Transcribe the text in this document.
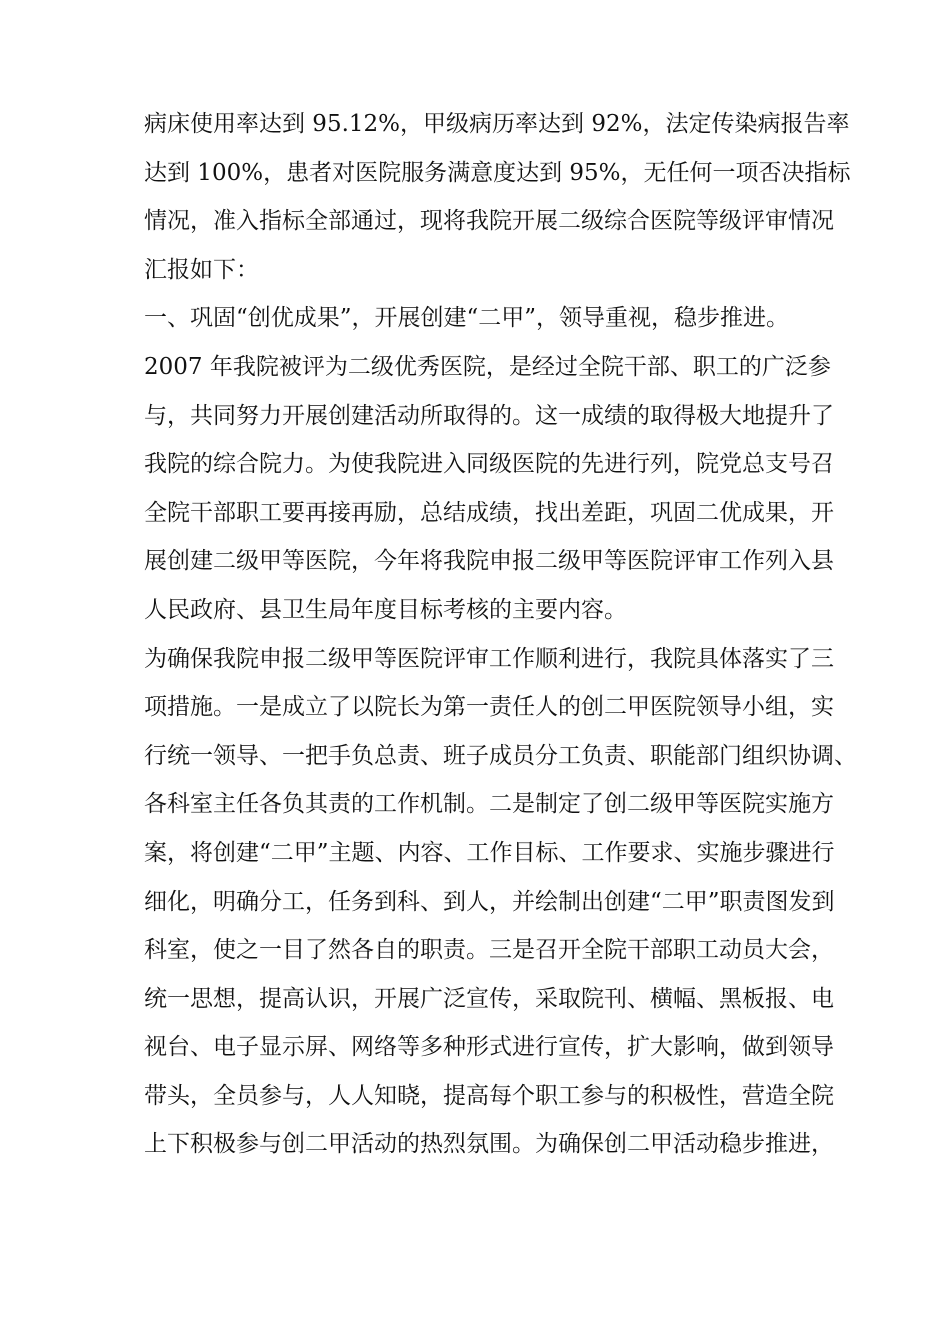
病床使用率达到 95.12%，甲级病历率达到 92%，法定传染病报告率
达到 100%，患者对医院服务满意度达到 95%，无任何一项否决指标
情况，准入指标全部通过，现将我院开展二级综合医院等级评审情况
汇报如下：
一、巩固“创优成果”，开展创建“二甲”，领导重视，稳步推进。
2007 年我院被评为二级优秀医院，是经过全院干部、职工的广泛参
与，共同努力开展创建活动所取得的。这一成绩的取得极大地提升了
我院的综合院力。为使我院进入同级医院的先进行列，院党总支号召
全院干部职工要再接再励，总结成绩，找出差距，巩固二优成果，开
展创建二级甲等医院，今年将我院申报二级甲等医院评审工作列入县
人民政府、县卫生局年度目标考核的主要内容。
为确保我院申报二级甲等医院评审工作顺利进行，我院具体落实了三
项措施。一是成立了以院长为第一责任人的创二甲医院领导小组，实
行统一领导、一把手负总责、班子成员分工负责、职能部门组织协调、
各科室主任各负其责的工作机制。二是制定了创二级甲等医院实施方
案，将创建“二甲”主题、内容、工作目标、工作要求、实施步骤进行
细化，明确分工，任务到科、到人，并绘制出创建“二甲”职责图发到
科室，使之一目了然各自的职责。三是召开全院干部职工动员大会，
统一思想，提高认识，开展广泛宣传，采取院刊、横幅、黑板报、电
视台、电子显示屏、网络等多种形式进行宣传，扩大影响，做到领导
带头，全员参与，人人知晓，提高每个职工参与的积极性，营造全院
上下积极参与创二甲活动的热烈氛围。为确保创二甲活动稳步推进，
